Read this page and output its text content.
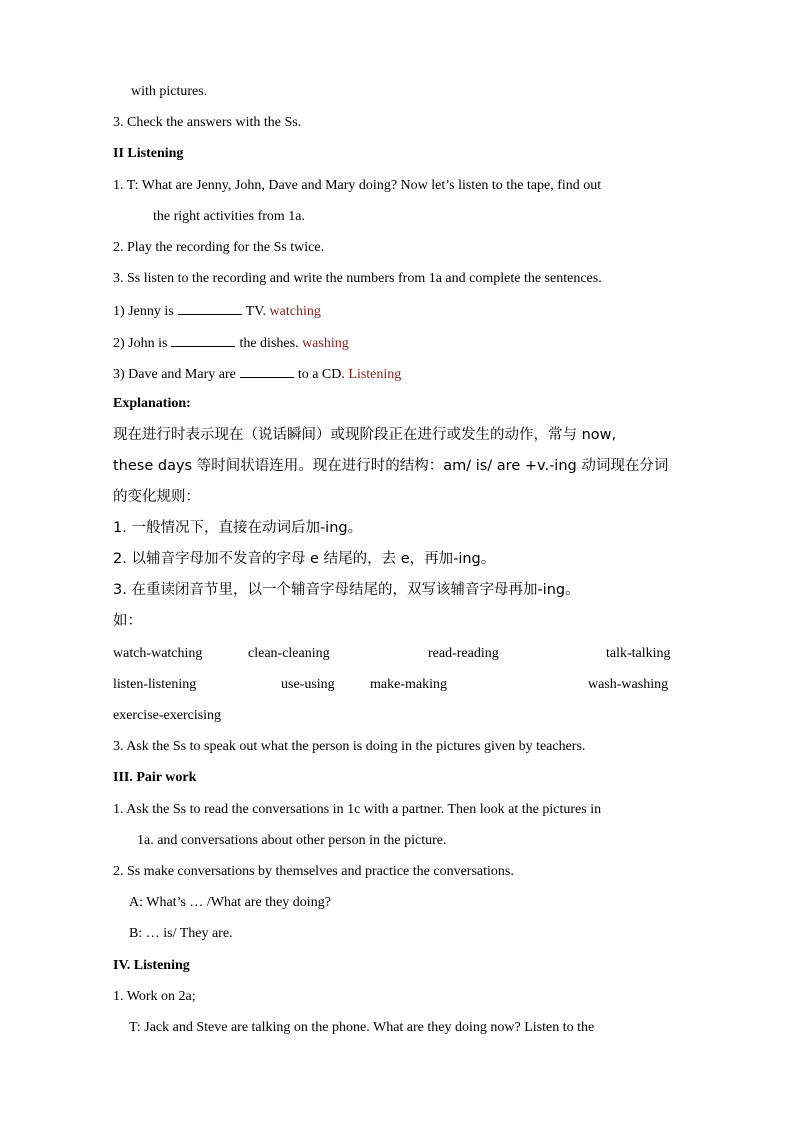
with pictures.
3. Check the answers with the Ss.
II Listening
1. T: What are Jenny, John, Dave and Mary doing? Now let’s listen to the tape, find out
the right activities from 1a.
2. Play the recording for the Ss twice.
3. Ss listen to the recording and write the numbers from 1a and complete the sentences.
1) Jenny is	TV. watching
2) John is	the dishes. washing
3) Dave and Mary are	to a CD. Listening
Explanation:
现在进行时表示现在（说话瞬间）或现阶段正在进行或发生的动作，常与 now,
these days 等时间状语连用。现在进行时的结构：am/ is/ are +v.-ing 动词现在分词
的变化规则：
1. 一般情况下，直接在动词后加-ing。
2. 以辅音字母加不发音的字母 e 结尾的，去 e，再加-ing。
3. 在重读闭音节里，以一个辅音字母结尾的，双写该辅音字母再加-ing。
如：
watch-watching	clean-cleaning	read-reading	talk-talking
listen-listening	use-using	make-making	wash-washing
exercise-exercising
3. Ask the Ss to speak out what the person is doing in the pictures given by teachers.
III. Pair work
1. Ask the Ss to read the conversations in 1c with a partner. Then look at the pictures in
1a. and conversations about other person in the picture.
2. Ss make conversations by themselves and practice the conversations.
A: What’s … /What are they doing?
B: … is/ They are.
IV. Listening
1. Work on 2a;
T: Jack and Steve are talking on the phone. What are they doing now? Listen to the
